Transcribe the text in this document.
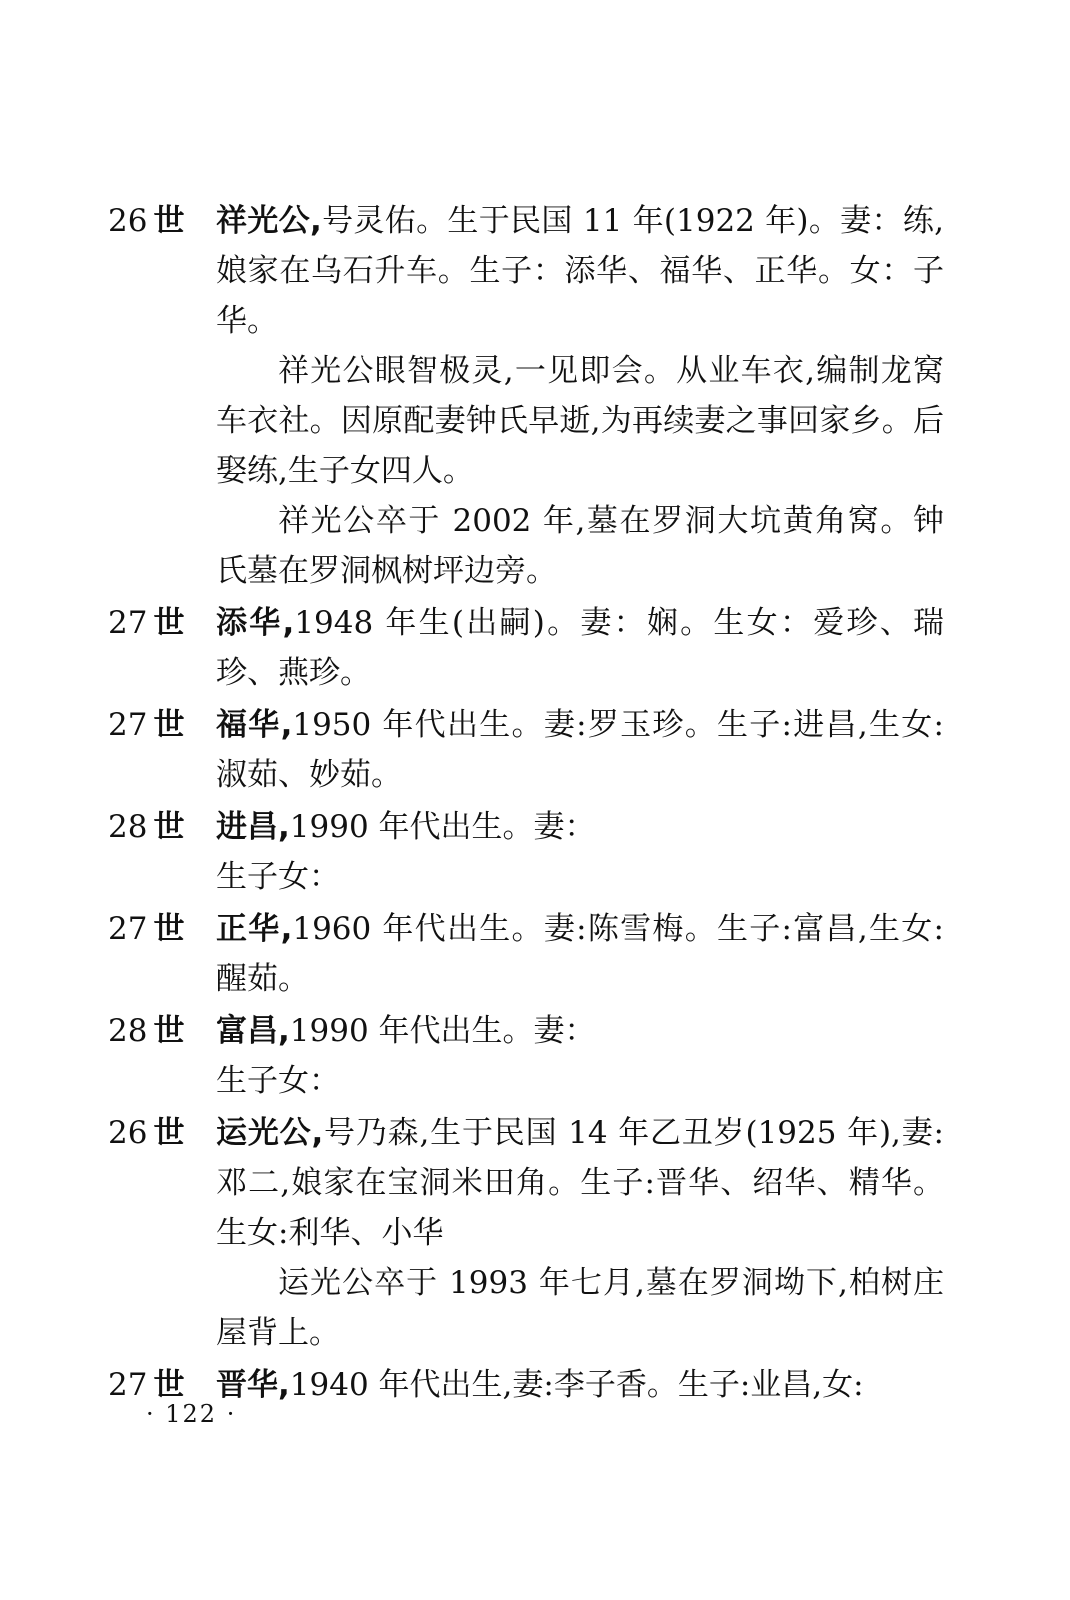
26 世	祥光公,号灵佑。生于民国 11 年(1922 年)。妻：练,娘家在乌石升车。生子：添华、福华、正华。女：子华。
祥光公眼智极灵,一见即会。从业车衣,编制龙窝车衣社。因原配妻钟氏早逝,为再续妻之事回家乡。后娶练,生子女四人。
祥光公卒于 2002 年,墓在罗洞大坑黄角窝。钟氏墓在罗洞枫树坪边旁。
27 世	添华,1948 年生(出嗣)。妻：娴。生女：爱珍、瑞珍、燕珍。
27 世	福华,1950 年代出生。妻:罗玉珍。生子:进昌,生女:淑茹、妙茹。
28 世	进昌,1990 年代出生。妻：
生子女：
27 世	正华,1960 年代出生。妻:陈雪梅。生子:富昌,生女:醒茹。
28 世	富昌,1990 年代出生。妻：
生子女：
26 世	运光公,号乃森,生于民国 14 年乙丑岁(1925 年),妻:邓二,娘家在宝洞米田角。生子:晋华、绍华、精华。生女:利华、小华
运光公卒于 1993 年七月,墓在罗洞坳下,柏树庄屋背上。
27 世	晋华,1940 年代出生,妻:李子香。生子:业昌,女:
· 122 ·
